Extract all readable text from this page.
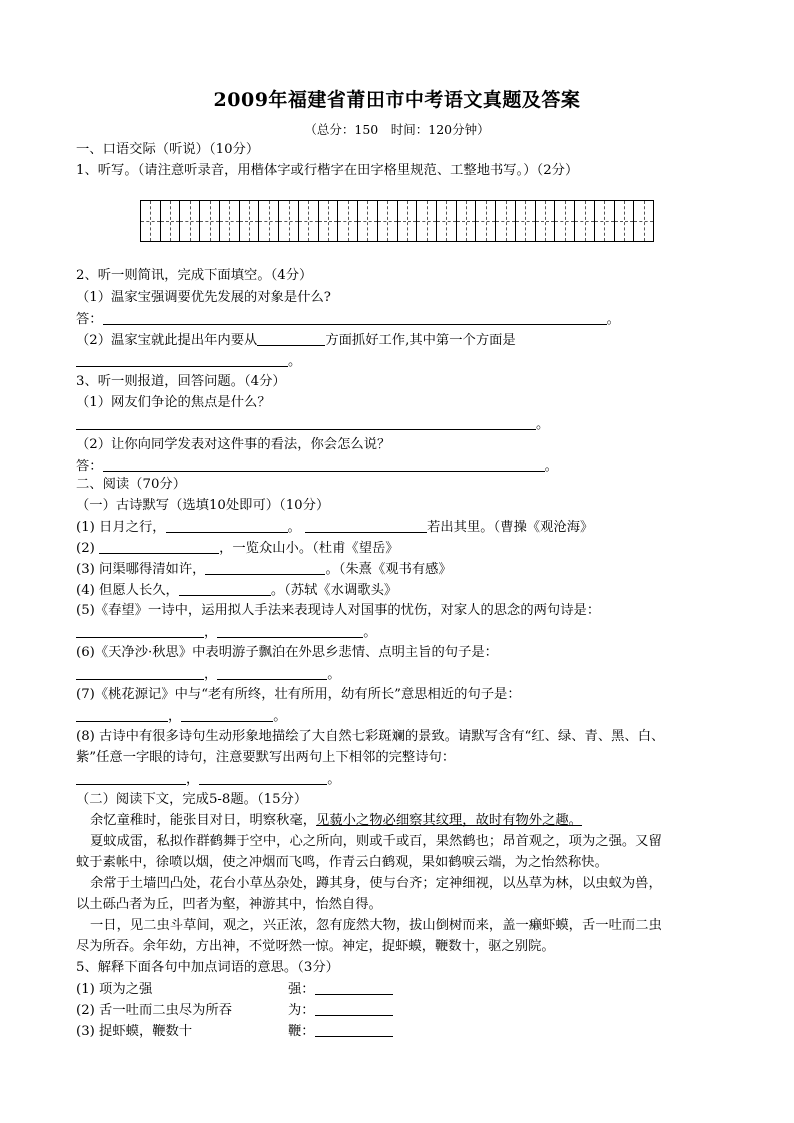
2009年福建省莆田市中考语文真题及答案
（总分：150　时间：120分钟）
一、口语交际（听说）（10分）
1、听写。（请注意听录音，用楷体字或行楷字在田字格里规范、工整地书写。）（2分）
2、听一则简讯，完成下面填空。（4分）
（1）温家宝强调要优先发展的对象是什么?
答：	。
（2）温家宝就此提出年内要从	方面抓好工作,其中第一个方面是
。
3、听一则报道，回答问题。（4分）
（1）网友们争论的焦点是什么？
。
（2）让你向同学发表对这件事的看法，你会怎么说？
答：	。
二、阅读（70分）
（一）古诗默写（选填10处即可）（10分）
(1) 日月之行，	。	若出其里。（曹操《观沧海》
(2)	，一览众山小。（杜甫《望岳》
(3) 问渠哪得清如许，	。（朱熹《观书有感》
(4) 但愿人长久，	。（苏轼《水调歌头》
(5)《春望》一诗中，运用拟人手法来表现诗人对国事的忧伤，对家人的思念的两句诗是：
，	。
(6)《天净沙·秋思》中表明游子飘泊在外思乡悲情、点明主旨的句子是：
，	。
(7)《桃花源记》中与“老有所终，壮有所用，幼有所长”意思相近的句子是：
，	。
(8) 古诗中有很多诗句生动形象地描绘了大自然七彩斑斓的景致。请默写含有“红、绿、青、黑、白、
紫”任意一字眼的诗句，注意要默写出两句上下相邻的完整诗句：
，	。
（二）阅读下文，完成5-8题。（15分）
余忆童稚时，能张目对日，明察秋毫，见藐小之物必细察其纹理，故时有物外之趣。
夏蚊成雷，私拟作群鹤舞于空中，心之所向，则或千或百，果然鹤也；昂首观之，项为之强。又留
蚊于素帐中，徐喷以烟，使之冲烟而飞鸣，作青云白鹤观，果如鹤唳云端，为之怡然称快。
余常于土墙凹凸处，花台小草丛杂处，蹲其身，使与台齐；定神细视，以丛草为林，以虫蚁为兽，
以土砾凸者为丘，凹者为壑，神游其中，怡然自得。
一日，见二虫斗草间，观之，兴正浓，忽有庞然大物，拔山倒树而来，盖一癞虾蟆，舌一吐而二虫
尽为所吞。余年幼，方出神，不觉呀然一惊。神定，捉虾蟆，鞭数十，驱之别院。
5、解释下面各句中加点词语的意思。（3分）
(1) 项为之强	强：
(2) 舌一吐而二虫尽为所吞	为：
(3) 捉虾蟆，鞭数十	鞭：
